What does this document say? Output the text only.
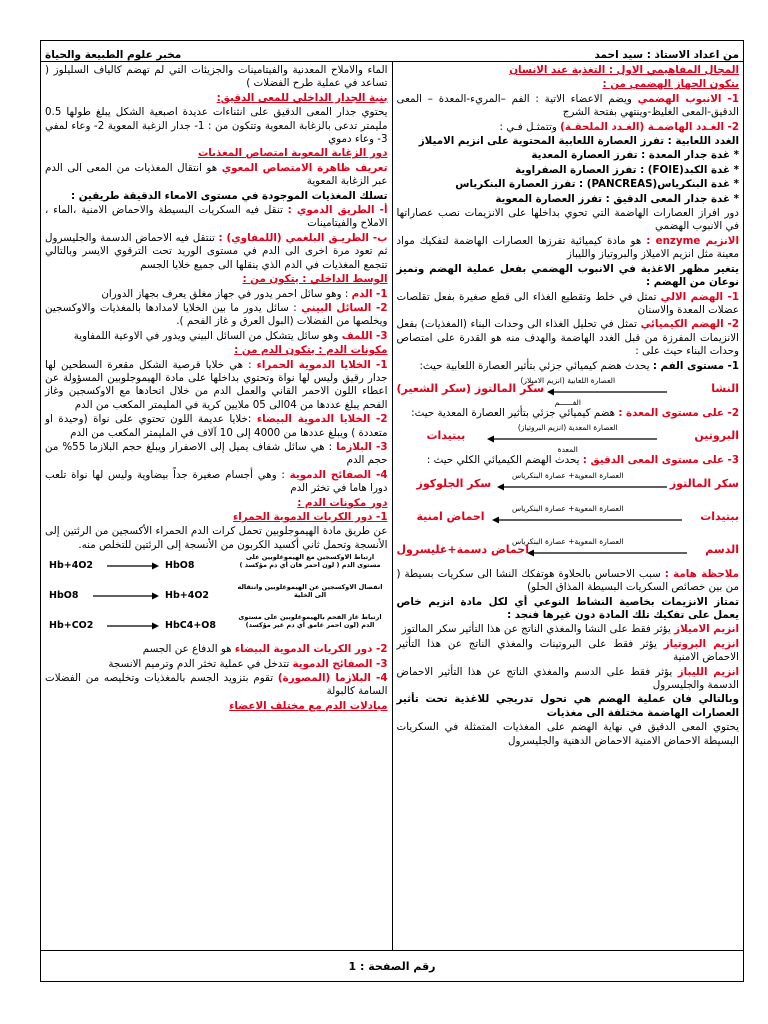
من اعداد الاستاذ : سيد احمد
مخبر علوم الطبيعة والحياة

المجال المفاهيمي الاول : التغذية عند الانسان

يتكون الجهاز الهضمي من :

1- الانبوب الهضمي ويضم الاعضاء الاتية : الفم –المريء-المعدة – المعى الدقيق-المعى الغليظ-وينتهي بفتحة الشرج

2- الغـدد الهاضمـة (الغـدد الملحقـة) وتتمثـل فـي :

الغدد اللعابية : تفرز العصارة اللعابية المحتوية على انزيم الاميلاز

* غدة جدار المعدة : تفرز العصارة المعدية

* غدة الكبد(FOIE) : تفرز العصارة الصفراوية

* غدة البنكرياس(PANCREAS) : تفرز العصارة البنكرياس

* غدة جدار المعى الدقيق : تفرز العصارة المعوية

دور افراز العصارات الهاضمة التي تحوي بداخلها على الانزيمات نصب عصاراتها في الانبوب الهضمي

الانزيم enzyme : هو مادة كيميائية تفرزها العصارات الهاضمة لتفكيك مواد معينة مثل انزيم الاميلاز والبروتياز والليباز

يتغير مظهر الاغذية في الانبوب الهضمي بفعل عملية الهضم ونميز نوعان من الهضم :

1- الهضم الالي تمثل في خلط وتقطيع الغذاء الى قطع صغيرة بفعل تقلصات عضلات المعدة والاسنان

2- الهضم الكيميائي تمثل في تحليل الغذاء الى وحدات البناء (المغذيات) بفعل الانزيمات المفرزة من قبل الغدد الهاضمة والهدف منه هو القدرة على امتصاص وحدات البناء حيث على :

1- مستوى الفم : يحدث هضم كيميائي جزئي بتأثير العصارة اللعابية حيث:

النشا
العصارة اللعابية (انزيم الاميلاز)
سكر المالتوز (سكر الشعير)
الفــــــم

2- على مستوى المعدة : هضم كيميائي جزئي بتأثير العصارة المعدية حيث:

البروتين
العصارة المعدية (انزيم البروتياز)
ببتيدات
المعدة

3- على مستوى المعى الدقيق : يحدث الهضم الكيميائي الكلي حيث :

سكر المالتوز
العصارة المعوية+ عصارة البنكرياس
سكر الجلوكوز
ببتيدات
العصارة المعوية+ عصارة البنكرياس
احماض امنية
الدسم
العصارة المعوية+ عصارة البنكرياس
احماض دسمة+غليسرول

ملاحظة هامة : سبب الاحساس بالحلاوة هوتفكك النشا الى سكريات بسيطة ( من بين خصائص السكريات البسيطة المذاق الحلو)

تمتاز الانزيمات بخاصية النشاط النوعي أي لكل مادة انزيم خاص يعمل على تفكيك تلك المادة دون غيرها فنجد :

انزيم الاميلاز يؤثر فقط على النشا والمغذي الناتج عن هذا التأثير سكر المالتوز

انزيم البروتياز يؤثر فقط على البروتينات والمغذي الناتج عن هذا التأثير الاحماض الامنية

انزيم الليباز يؤثر فقط على الدسم والمغذي الناتج عن هذا التأثير الاحماض الدسمة والجليسرول

وبالتالي فان عملية الهضم هي تحول تدريجي للاغذية تحت تأثير العصارات الهاضمة مختلفة الى مغذيات

يحتوي المعى الدقيق في نهاية الهضم على المغذيات المتمثلة في السكريات البسيطة الاحماض الامنية الاحماض الدهنية والجليسرول

الماء والاملاح المعدنية والفيتامينات والجزيئات التي لم تهضم كالياف السليلوز ( تساعد في عملية طرح الفضلات )

بنية الجدار الداخلي للمعى الدقيق:

يحتوي جدار المعى الدقيق على انثناءات عديدة اصبعية الشكل يبلغ طولها 0.5 مليمتر تدعى بالزغابة المعوية وتتكون من : 1- جدار الزغبة المعوية 2- وعاء لمفي 3- وعاء دموي

دور الزغابة المعوية امتصاص المغذيات

تعريف ظاهرة الامتصاص المعوي هو انتقال المغذيات من المعى الى الدم عبر الزغابة المعوية

تسلك المغذيات الموجودة في مستوى الامعاء الدقيقة طريقين :

أ- الطريق الدموي : تنقل فيه السكريات البسيطة والاحماض الامنية ،الماء ، الاملاح والفيتامينات

ب- الطريـق البلغمي (اللمفاوي) : تنتقل فيه الاحماض الدسمة والجليسرول ثم تعود مرة اخرى الى الدم في مستوى الوريد تحت الترقوي الايسر وبالتالي تتجمع المغذيات في الدم الذي ينقلها الى جميع خلايا الجسم

الوسط الداخلي : يتكون من :

1- الدم : وهو سائل احمر يدور في جهاز مغلق يعرف بجهاز الدوران

2- السائل البيني : سائل يدور ما بين الخلايا لامدادها بالمغذيات والاوكسجين ويخلصها من الفضلات (البول العرق و غاز الفحم ).

3- اللمف وهو سائل يتشكل من السائل البيني ويدور في الاوعية اللمفاوية

مكونات الدم : يتكون الدم من :

1- الخلايا الدموية الحمراء : هي خلايا قرصية الشكل مقعرة السطحين لها جدار رقيق وليس لها نواة وتحتوي بداخلها على مادة الهيموجلوبين المسؤولة عن اعطاء اللون الاحمر القاني والعمل الدم من خلال اتحادها مع الاوكسجين وغاز الفحم يبلغ عددها من 04الى 05 ملايين كرية في المليمتر المكعب من الدم

2- الخلايا الدموية البيضاء :خلايا عديمة اللون تحتوي على نواة (وحيدة او متعددة ) ويبلغ عددها من 4000 إلى 10 آلاف في المليمتر المكعب من الدم

3- البلازما : هي سائل شفاف يميل إلى الاصفرار ويبلغ حجم البلازما 55% من حجم الدم

4- الصفائح الدموية : وهي أجسام صغيرة جداً بيضاوية وليس لها نواة تلعب دورا هاما في تخثر الدم

دور مكونات الدم :

1- دور الكريات الدموية الحمراء

عن طريق مادة الهيموجلوبين تحمل كرات الدم الحمراء الأكسجين من الرئتين إلى الأنسجة وتحمل ثاني أكسيد الكربون من الأنسجة إلى الرئتين للتخلص منه.

Hb+4O2	HbO8
ارتباط الاوكسجين مع الهيموغلوبين على مستوى الدم ( لون احمر قان أي دم مؤكسد )
HbO8	Hb+4O2
انفصال الاوكسجين عن الهيموغلوبين وانتقاله الى الخلية
Hb+CO2	HbC4+O8
ارتباط غاز الفحم بالهيموغلوبين على مستوى الدم (لون احمر غامق أي دم غير مؤكسد)

2- دور الكريات الدموية البيضاء هو الدفاع عن الجسم

3- الصفائح الدموية تتدخل في عملية تخثر الدم وترميم الانسجة

4- البلازما (المصورة) تقوم بتزويد الجسم بالمغذيات وتخليصه من الفضلات السامة كالبولة

مبادلات الدم مع مختلف الاعضاء

رقم الصفحة : 1
